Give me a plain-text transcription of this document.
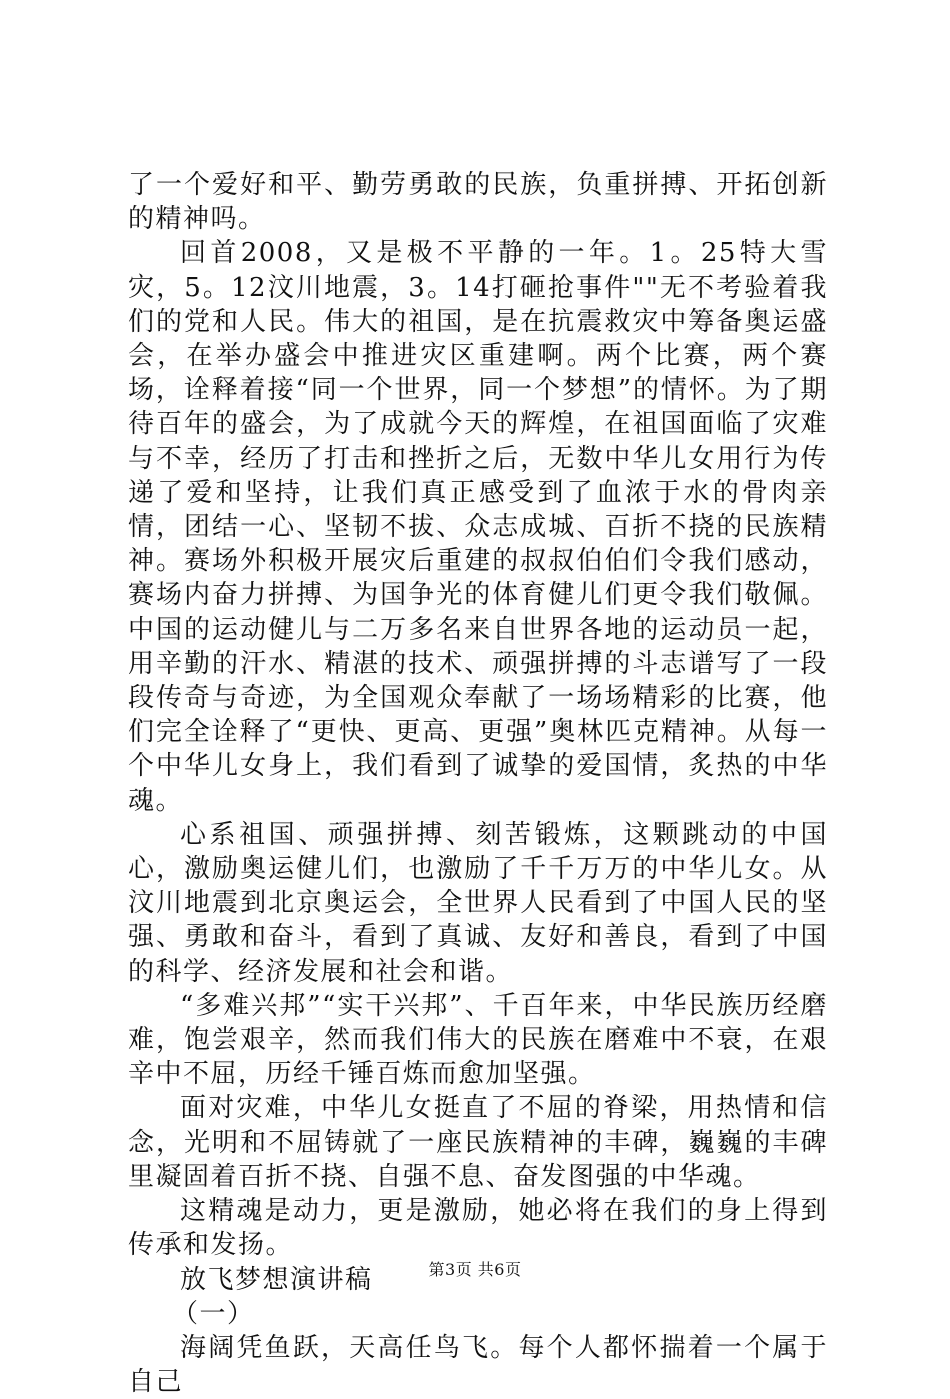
了一个爱好和平、勤劳勇敢的民族，负重拼搏、开拓创新的精神吗。

回首2008，又是极不平静的一年。1。25特大雪灾，5。12汶川地震，3。14打砸抢事件""无不考验着我们的党和人民。伟大的祖国，是在抗震救灾中筹备奥运盛会，在举办盛会中推进灾区重建啊。两个比赛，两个赛场，诠释着接“同一个世界，同一个梦想”的情怀。为了期待百年的盛会，为了成就今天的辉煌，在祖国面临了灾难与不幸，经历了打击和挫折之后，无数中华儿女用行为传递了爱和坚持，让我们真正感受到了血浓于水的骨肉亲情，团结一心、坚韧不拔、众志成城、百折不挠的民族精神。赛场外积极开展灾后重建的叔叔伯伯们令我们感动，赛场内奋力拼搏、为国争光的体育健儿们更令我们敬佩。中国的运动健儿与二万多名来自世界各地的运动员一起，用辛勤的汗水、精湛的技术、顽强拼搏的斗志谱写了一段段传奇与奇迹，为全国观众奉献了一场场精彩的比赛，他们完全诠释了“更快、更高、更强”奥林匹克精神。从每一个中华儿女身上，我们看到了诚挚的爱国情，炙热的中华魂。

心系祖国、顽强拼搏、刻苦锻炼，这颗跳动的中国心，激励奥运健儿们，也激励了千千万万的中华儿女。从汶川地震到北京奥运会，全世界人民看到了中国人民的坚强、勇敢和奋斗，看到了真诚、友好和善良，看到了中国的科学、经济发展和社会和谐。

“多难兴邦”“实干兴邦”、千百年来，中华民族历经磨难，饱尝艰辛，然而我们伟大的民族在磨难中不衰，在艰辛中不屈，历经千锤百炼而愈加坚强。

面对灾难，中华儿女挺直了不屈的脊梁，用热情和信念，光明和不屈铸就了一座民族精神的丰碑，巍巍的丰碑里凝固着百折不挠、自强不息、奋发图强的中华魂。

这精魂是动力，更是激励，她必将在我们的身上得到传承和发扬。

放飞梦想演讲稿

（一）

海阔凭鱼跃，天高任鸟飞。每个人都怀揣着一个属于自己

第3页 共6页
